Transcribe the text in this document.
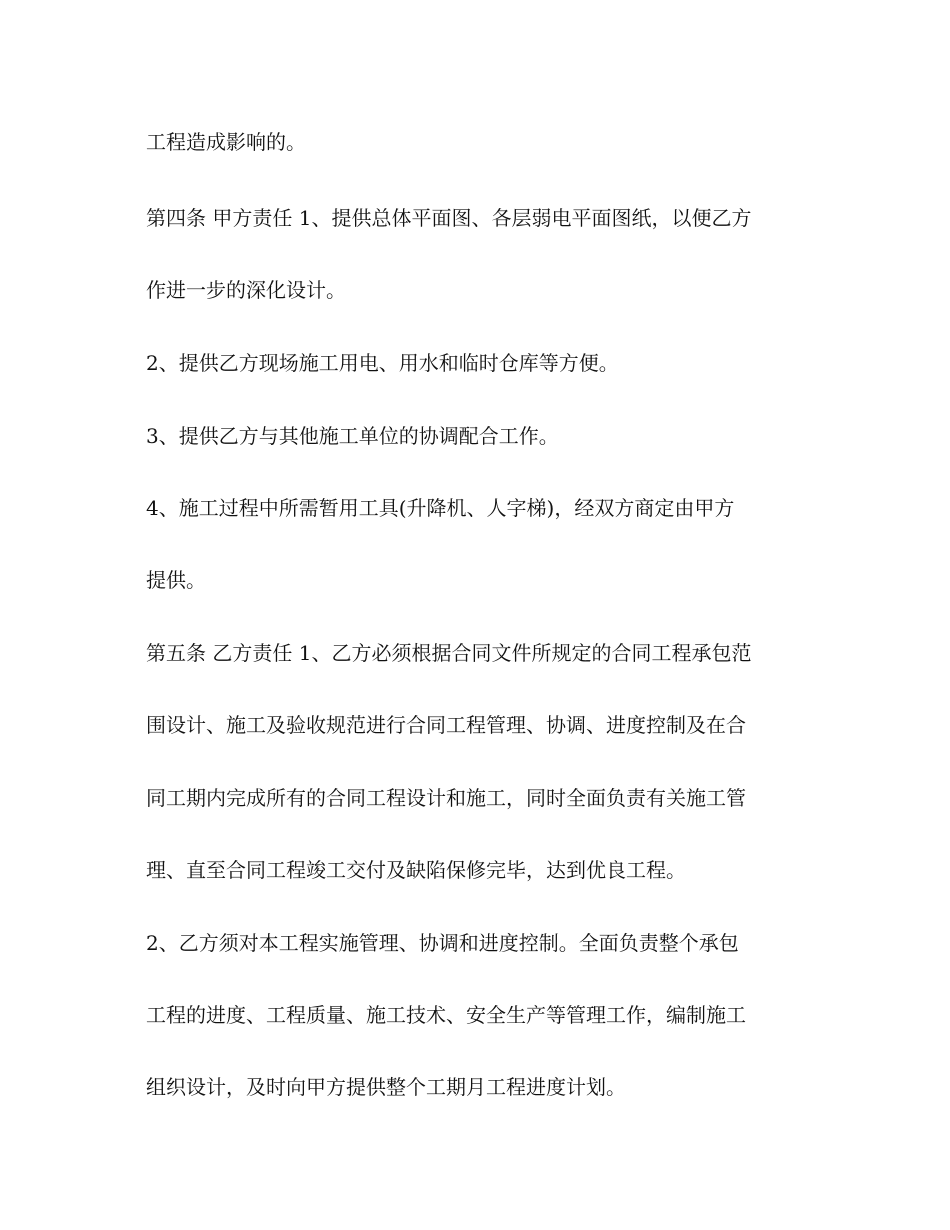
工程造成影响的。
第四条 甲方责任 1、提供总体平面图、各层弱电平面图纸，以便乙方
作进一步的深化设计。
2、提供乙方现场施工用电、用水和临时仓库等方便。
3、提供乙方与其他施工单位的协调配合工作。
4、施工过程中所需暂用工具(升降机、人字梯)，经双方商定由甲方
提供。
第五条 乙方责任 1、乙方必须根据合同文件所规定的合同工程承包范
围设计、施工及验收规范进行合同工程管理、协调、进度控制及在合
同工期内完成所有的合同工程设计和施工，同时全面负责有关施工管
理、直至合同工程竣工交付及缺陷保修完毕，达到优良工程。
2、乙方须对本工程实施管理、协调和进度控制。全面负责整个承包
工程的进度、工程质量、施工技术、安全生产等管理工作，编制施工
组织设计，及时向甲方提供整个工期月工程进度计划。
